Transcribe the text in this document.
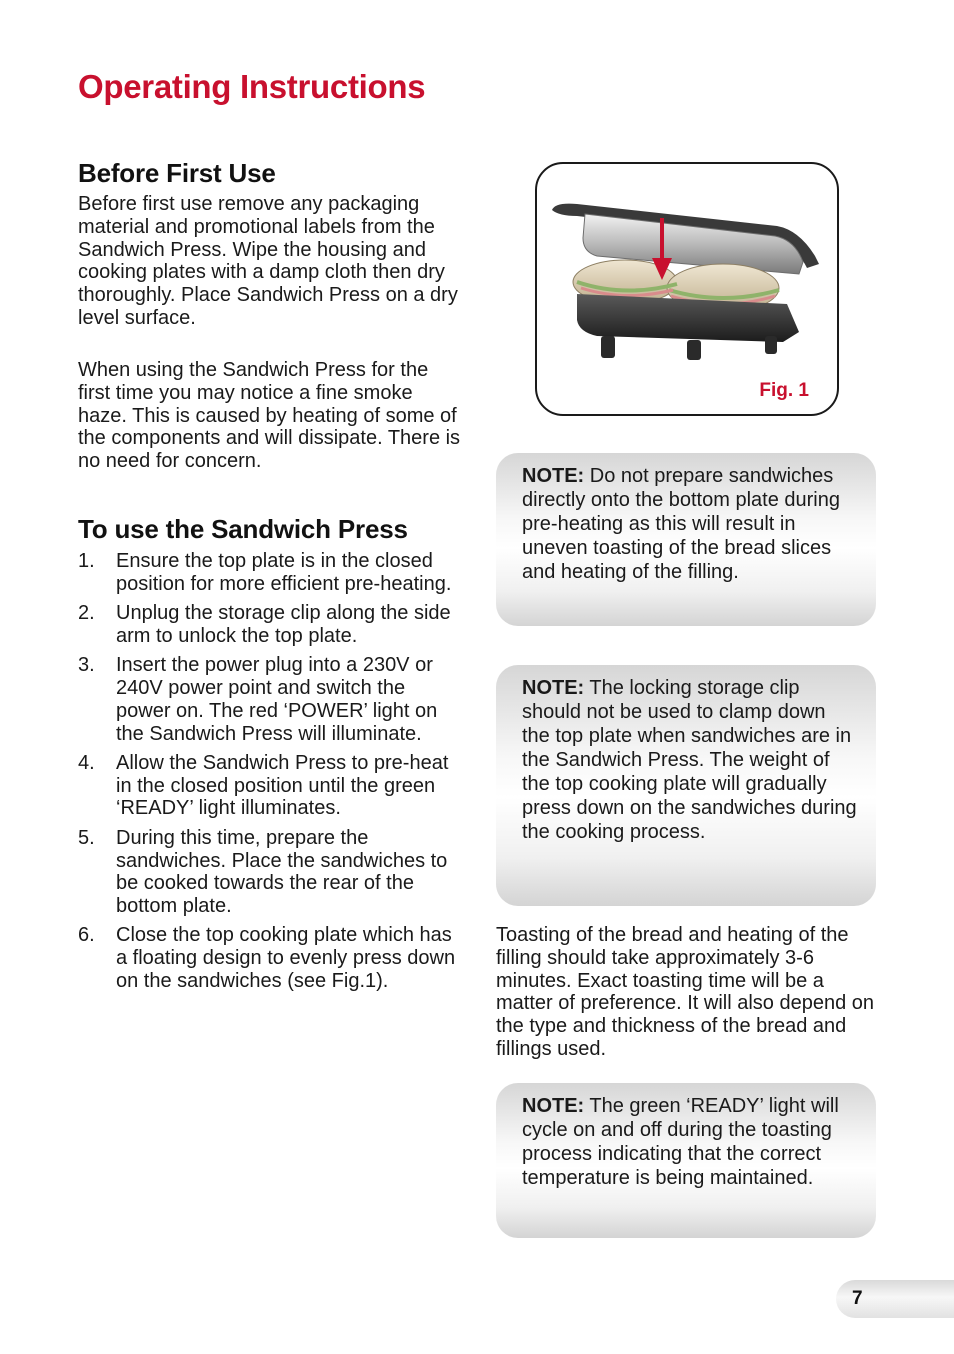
Operating Instructions
Before First Use
Before first use remove any packaging material and promotional labels from the Sandwich Press. Wipe the housing and cooking plates with a damp cloth then dry thoroughly. Place Sandwich Press on a dry level surface.
When using the Sandwich Press for the first time you may notice a fine smoke haze. This is caused by heating of some of the components and will dissipate. There is no need for concern.
To use the Sandwich Press
1. Ensure the top plate is in the closed position for more efficient pre-heating.
2. Unplug the storage clip along the side arm to unlock the top plate.
3. Insert the power plug into a 230V or 240V power point and switch the power on. The red ‘POWER’ light on the Sandwich Press will illuminate.
4. Allow the Sandwich Press to pre-heat in the closed position until the green ‘READY’ light illuminates.
5. During this time, prepare the sandwiches. Place the sandwiches to be cooked towards the rear of the bottom plate.
6. Close the top cooking plate which has a floating design to evenly press down on the sandwiches (see Fig.1).
Fig. 1
NOTE: Do not prepare sandwiches directly onto the bottom plate during pre-heating as this will result in uneven toasting of the bread slices and heating of the filling.
NOTE: The locking storage clip should not be used to clamp down the top plate when sandwiches are in the Sandwich Press. The weight of the top cooking plate will gradually press down on the sandwiches during the cooking process.
Toasting of the bread and heating of the filling should take approximately 3-6 minutes. Exact toasting time will be a matter of preference. It will also depend on the type and thickness of the bread and fillings used.
NOTE: The green ‘READY’ light will cycle on and off during the toasting process indicating that the correct temperature is being maintained.
7
